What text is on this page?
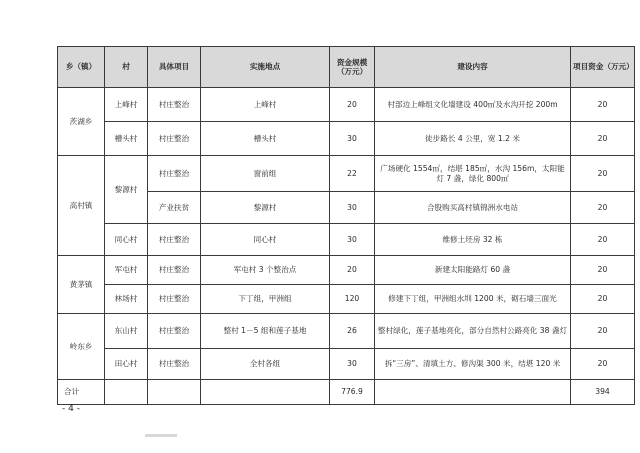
乡（镇）	村	具体项目	实施地点	资金规模（万元）	建设内容	项目资金（万元）
茨湖乡	上峰村	村庄整治	上峰村	20	村部边上峰组文化墙建设 400㎡及水沟开挖 200m	20
	槽头村	村庄整治	槽头村	30	徒步路长 4 公里，宽 1.2 米	20
高村镇	黎源村	村庄整治	窗前组	22	广场硬化 1554㎡，结堪 185㎡，水沟 156m，太阳能灯 7 盏，绿化 800㎡	20
		产业扶贫	黎源村	30	合股购买高村镇锦洲水电站	20
	同心村	村庄整治	同心村	30	维修土坯房 32 栋	20
黄茅镇	军屯村	村庄整治	军屯村 3 个整治点	20	新建太阳能路灯 60 盏	20
	林场村	村庄整治	下丁组，甲洲组	120	修建下丁组，甲洲组水圳 1200 米，砌石墙三面光	20
岭东乡	东山村	村庄整治	整村 1－5 组和莲子基地	26	整村绿化，莲子基地亮化，部分自然村公路亮化 38 盏灯	20
	田心村	村庄整治	全村各组	30	拆“三房”、清填土方、修沟渠 300 米，结堪 120 米	20
合计				776.9		394
- 4 -
